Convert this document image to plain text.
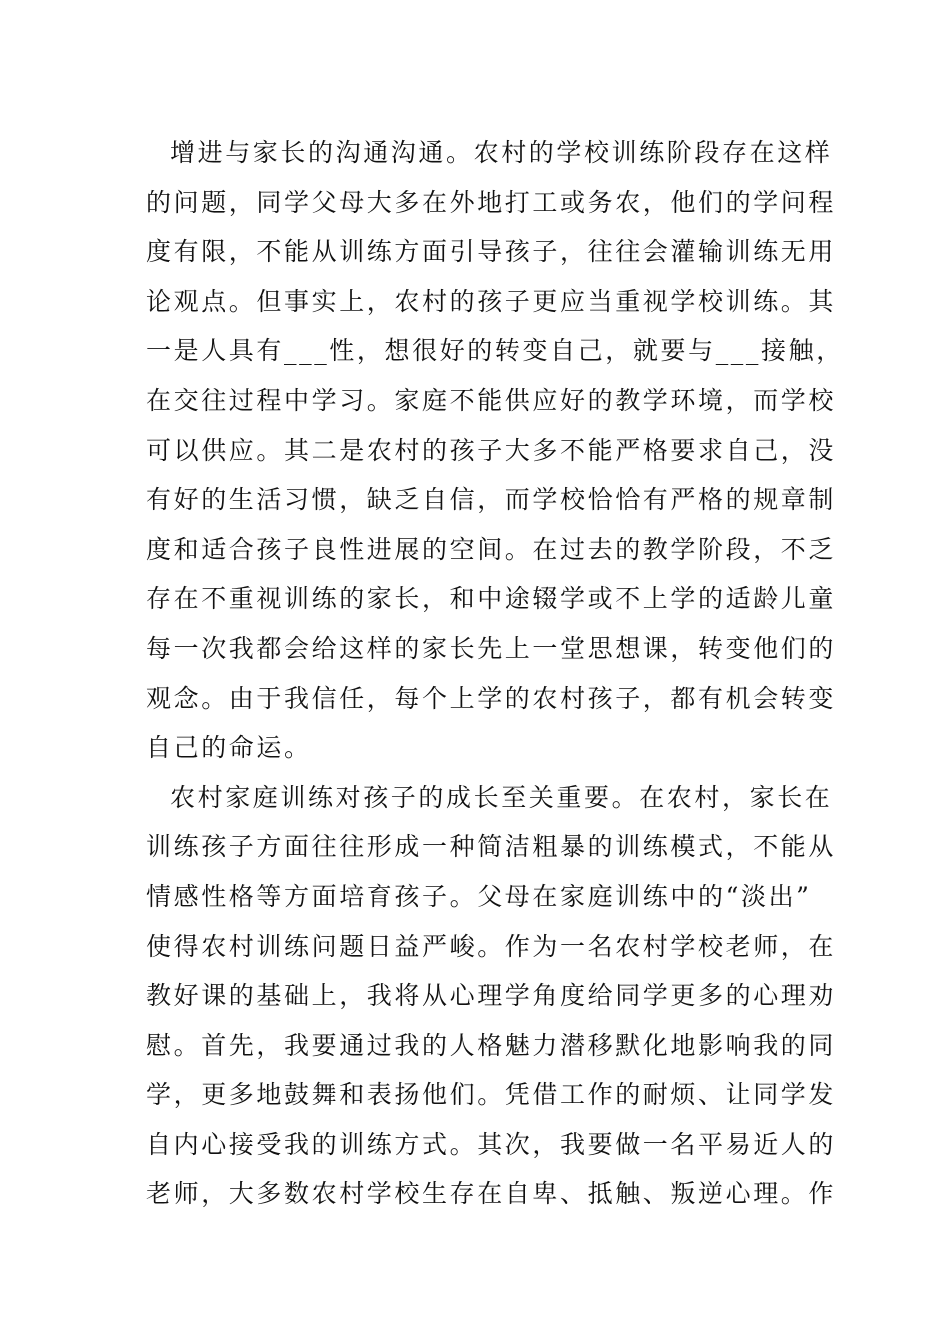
增进与家长的沟通沟通。农村的学校训练阶段存在这样
的问题，同学父母大多在外地打工或务农，他们的学问程
度有限，不能从训练方面引导孩子，往往会灌输训练无用
论观点。但事实上，农村的孩子更应当重视学校训练。其
一是人具有___性，想很好的转变自己，就要与___接触，
在交往过程中学习。家庭不能供应好的教学环境，而学校
可以供应。其二是农村的孩子大多不能严格要求自己，没
有好的生活习惯，缺乏自信，而学校恰恰有严格的规章制
度和适合孩子良性进展的空间。在过去的教学阶段，不乏
存在不重视训练的家长，和中途辍学或不上学的适龄儿童
每一次我都会给这样的家长先上一堂思想课，转变他们的
观念。由于我信任，每个上学的农村孩子，都有机会转变
自己的命运。

农村家庭训练对孩子的成长至关重要。在农村，家长在
训练孩子方面往往形成一种简洁粗暴的训练模式，不能从
情感性格等方面培育孩子。父母在家庭训练中的“淡出”
使得农村训练问题日益严峻。作为一名农村学校老师，在
教好课的基础上，我将从心理学角度给同学更多的心理劝
慰。首先，我要通过我的人格魅力潜移默化地影响我的同
学，更多地鼓舞和表扬他们。凭借工作的耐烦、让同学发
自内心接受我的训练方式。其次，我要做一名平易近人的
老师，大多数农村学校生存在自卑、抵触、叛逆心理。作
